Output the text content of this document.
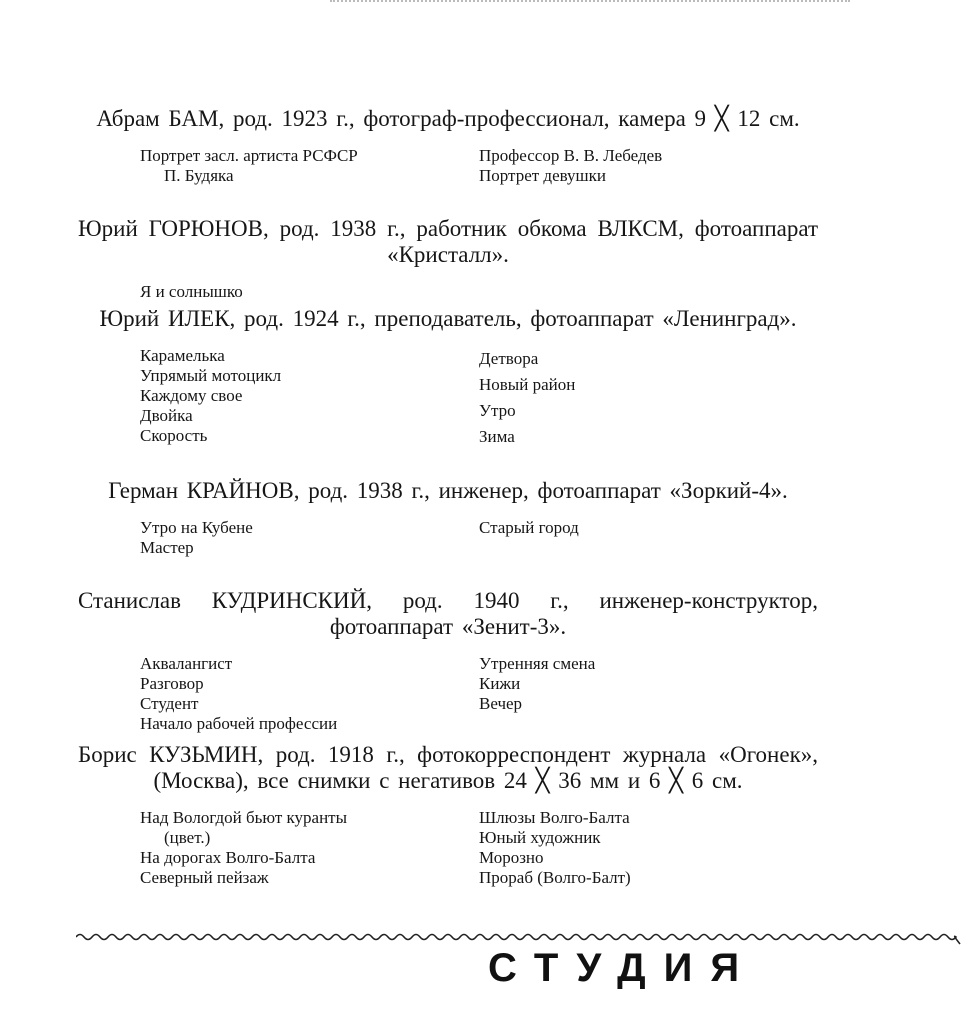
Абрам БАМ, род. 1923 г., фотограф-профессионал, камера 9 ╳ 12 см.
Портрет засл. артиста РСФСР
П. Будяка
Профессор В. В. Лебедев
Портрет девушки
Юрий ГОРЮНОВ, род. 1938 г., работник обкома ВЛКСМ, фотоаппарат «Кристалл».
Я и солнышко
Юрий ИЛЕК, род. 1924 г., преподаватель, фотоаппарат «Ленинград».
Карамелька
Упрямый мотоцикл
Каждому свое
Двойка
Скорость
Детвора
Новый район
Утро
Зима
Герман КРАЙНОВ, род. 1938 г., инженер, фотоаппарат «Зоркий-4».
Утро на Кубене
Мастер
Старый город
Станислав КУДРИНСКИЙ, род. 1940 г., инженер-конструктор, фотоаппарат «Зенит-3».
Аквалангист
Разговор
Студент
Начало рабочей профессии
Утренняя смена
Кижи
Вечер
Борис КУЗЬМИН, род. 1918 г., фотокорреспондент журнала «Огонек», (Москва), все снимки с негативов 24 ╳ 36 мм и 6 ╳ 6 см.
Над Вологдой бьют куранты
(цвет.)
На дорогах Волго-Балта
Северный пейзаж
Шлюзы Волго-Балта
Юный художник
Морозно
Прораб (Волго-Балт)
СТУДИЯ
